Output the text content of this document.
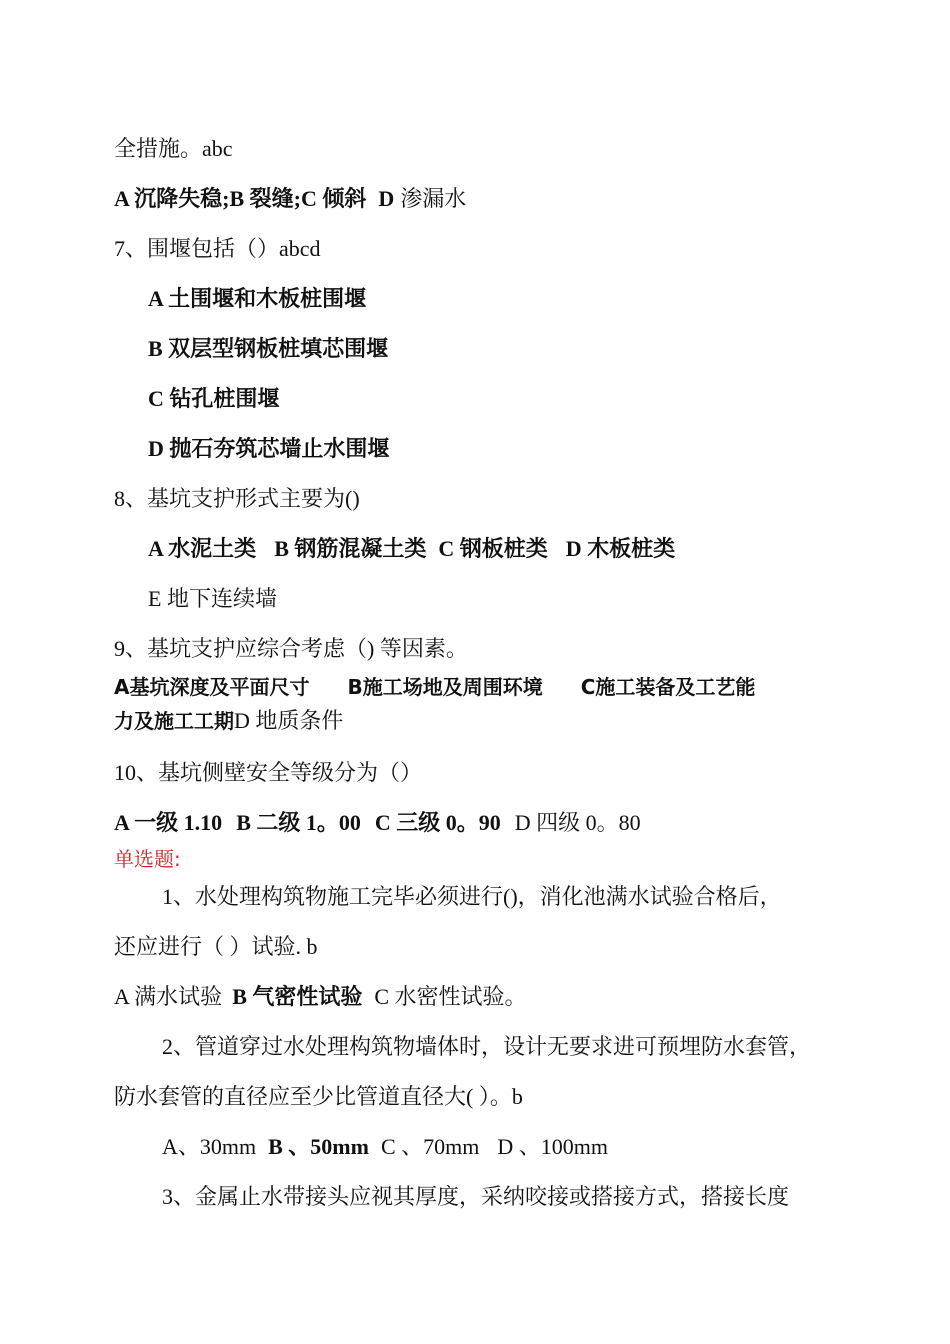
全措施。abc
A 沉降失稳;B 裂缝;C 倾斜 D 渗漏水
7、围堰包括（）abcd
A 土围堰和木板桩围堰
B 双层型钢板桩填芯围堰
C 钻孔桩围堰
D 抛石夯筑芯墙止水围堰
8、基坑支护形式主要为()
A 水泥土类 B 钢筋混凝土类 C 钢板桩类 D 木板桩类
E 地下连续墙
9、基坑支护应综合考虑（) 等因素。
A基坑深度及平面尺寸 B施工场地及周围环境 C施工装备及工艺能
力及施工工期D 地质条件
10、基坑侧壁安全等级分为（）
A 一级 1.10 B 二级 1。00 C 三级 0。90 D 四级 0。80
单选题:
1、水处理构筑物施工完毕必须进行()，消化池满水试验合格后，
还应进行（ ）试验. b
A 满水试验 B 气密性试验 C 水密性试验。
2、管道穿过水处理构筑物墙体时，设计无要求进可预埋防水套管，
防水套管的直径应至少比管道直径大( ）。b
A、30mm B 、50mm C 、70mm D 、100mm
3、金属止水带接头应视其厚度，采纳咬接或搭接方式，搭接长度
